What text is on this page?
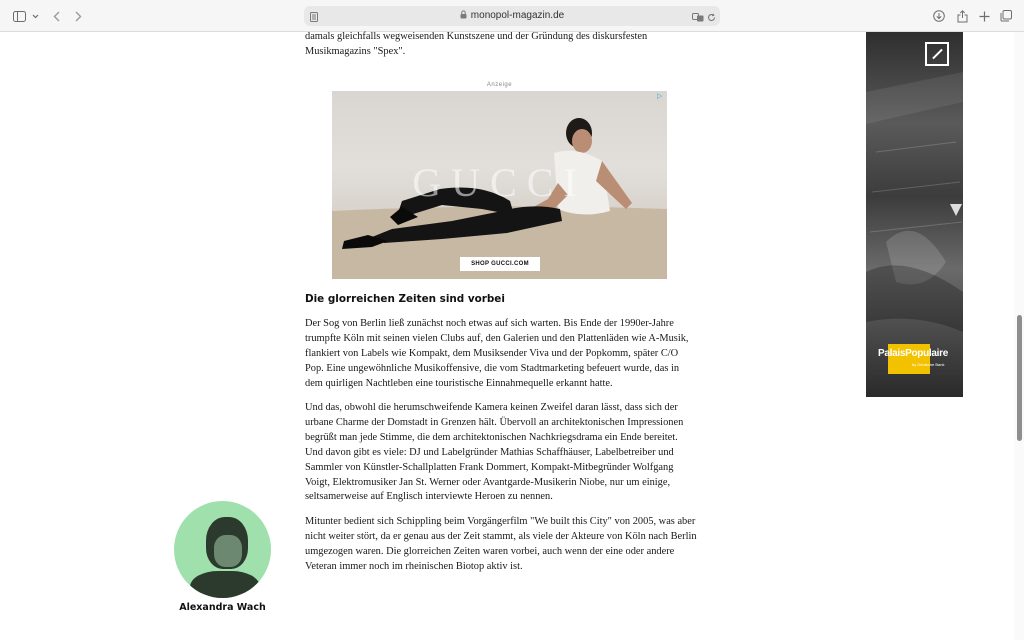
monopol-magazin.de
damals gleichfalls wegweisenden Kunstszene und der Gründung des diskursfesten Musikmagazins "Spex".
Anzeige
GUCCI
SHOP GUCCI.COM
▷
Die glorreichen Zeiten sind vorbei

Der Sog von Berlin ließ zunächst noch etwas auf sich warten. Bis Ende der 1990er-Jahre trumpfte Köln mit seinen vielen Clubs auf, den Galerien und den Plattenläden wie A-Musik, flankiert von Labels wie Kompakt, dem Musiksender Viva und der Popkomm, später C/O Pop. Eine ungewöhnliche Musikoffensive, die vom Stadtmarketing befeuert wurde, das in dem quirligen Nachtleben eine touristische Einnahmequelle erkannt hatte.

Und das, obwohl die herumschweifende Kamera keinen Zweifel daran lässt, dass sich der urbane Charme der Domstadt in Grenzen hält. Übervoll an architektonischen Impressionen begrüßt man jede Stimme, die dem architektonischen Nachkriegsdrama ein Ende bereitet. Und davon gibt es viele: DJ und Labelgründer Mathias Schaffhäuser, Labelbetreiber und Sammler von Künstler-Schallplatten Frank Dommert, Kompakt-Mitbegründer Wolfgang Voigt, Elektromusiker Jan St. Werner oder Avantgarde-Musikerin Niobe, nur um einige, seltsamerweise auf Englisch interviewte Heroen zu nennen.

Mitunter bedient sich Schippling beim Vorgängerfilm "We built this City" von 2005, was aber nicht weiter stört, da er genau aus der Zeit stammt, als viele der Akteure von Köln nach Berlin umgezogen waren. Die glorreichen Zeiten waren vorbei, auch wenn der eine oder andere Veteran immer noch im rheinischen Biotop aktiv ist.

PalaisPopulaire
by Deutsche Bank
Alexandra Wach
